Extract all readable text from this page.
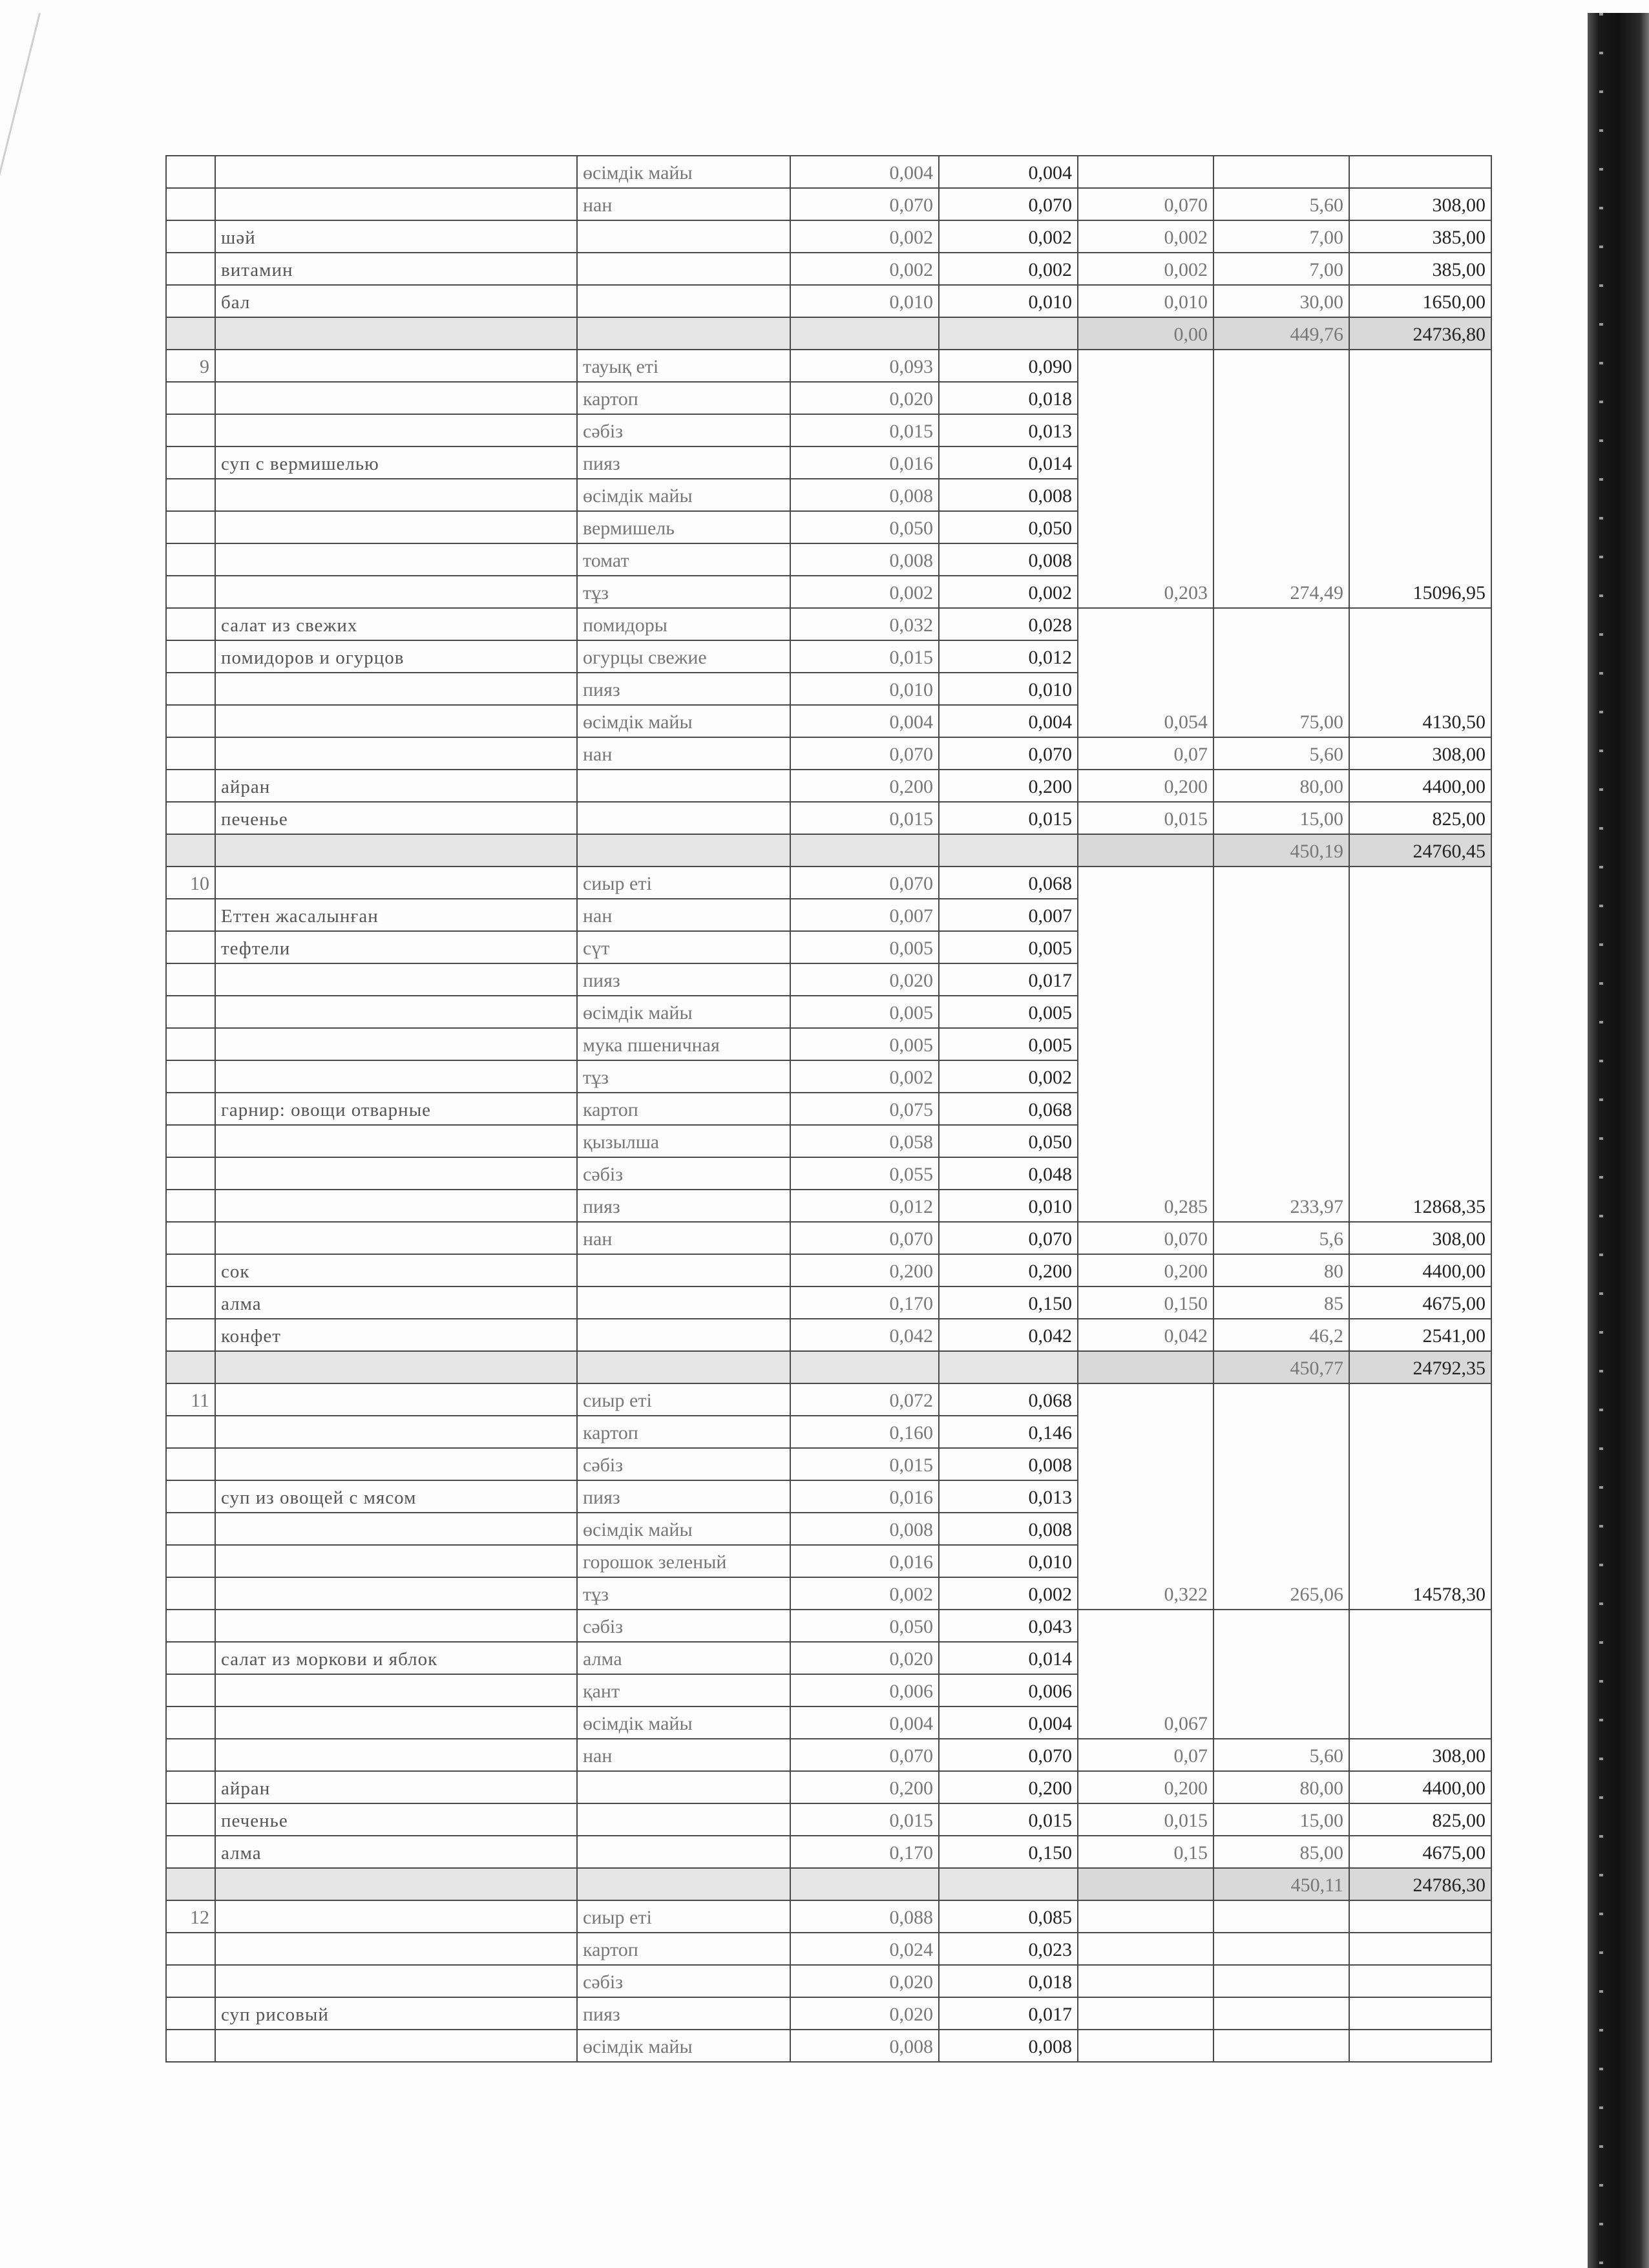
		өсімдік майы	0,004	0,004			
		нан	0,070	0,070	0,070	5,60	308,00
	шәй		0,002	0,002	0,002	7,00	385,00
	витамин		0,002	0,002	0,002	7,00	385,00
	бал		0,010	0,010	0,010	30,00	1650,00
					0,00	449,76	24736,80
9		тауық еті	0,093	0,090	0,203	274,49	15096,95
		картоп	0,020	0,018			
		сәбіз	0,015	0,013			
	суп с вермишелью	пияз	0,016	0,014			
		өсімдік майы	0,008	0,008			
		вермишель	0,050	0,050			
		томат	0,008	0,008			
		тұз	0,002	0,002			
	салат из свежих	помидоры	0,032	0,028	0,054	75,00	4130,50
	помидоров и огурцов	огурцы свежие	0,015	0,012			
		пияз	0,010	0,010			
		өсімдік майы	0,004	0,004			
		нан	0,070	0,070	0,07	5,60	308,00
	айран		0,200	0,200	0,200	80,00	4400,00
	печенье		0,015	0,015	0,015	15,00	825,00
						450,19	24760,45
10		сиыр еті	0,070	0,068	0,285	233,97	12868,35
	Еттен жасалынған	нан	0,007	0,007			
	тефтели	сүт	0,005	0,005			
		пияз	0,020	0,017			
		өсімдік майы	0,005	0,005			
		мука пшеничная	0,005	0,005			
		тұз	0,002	0,002			
	гарнир: овощи отварные	картоп	0,075	0,068			
		қызылша	0,058	0,050			
		сәбіз	0,055	0,048			
		пияз	0,012	0,010			
		нан	0,070	0,070	0,070	5,6	308,00
	сок		0,200	0,200	0,200	80	4400,00
	алма		0,170	0,150	0,150	85	4675,00
	конфет		0,042	0,042	0,042	46,2	2541,00
						450,77	24792,35
11		сиыр еті	0,072	0,068	0,322	265,06	14578,30
		картоп	0,160	0,146			
		сәбіз	0,015	0,008			
	суп из овощей с мясом	пияз	0,016	0,013			
		өсімдік майы	0,008	0,008			
		горошок зеленый	0,016	0,010			
		тұз	0,002	0,002			
		сәбіз	0,050	0,043	0,067		
	салат из моркови и яблок	алма	0,020	0,014			
		қант	0,006	0,006			
		өсімдік майы	0,004	0,004			
		нан	0,070	0,070	0,07	5,60	308,00
	айран		0,200	0,200	0,200	80,00	4400,00
	печенье		0,015	0,015	0,015	15,00	825,00
	алма		0,170	0,150	0,15	85,00	4675,00
						450,11	24786,30
12		сиыр еті	0,088	0,085			
		картоп	0,024	0,023			
		сәбіз	0,020	0,018			
	суп рисовый	пияз	0,020	0,017			
		өсімдік майы	0,008	0,008			
